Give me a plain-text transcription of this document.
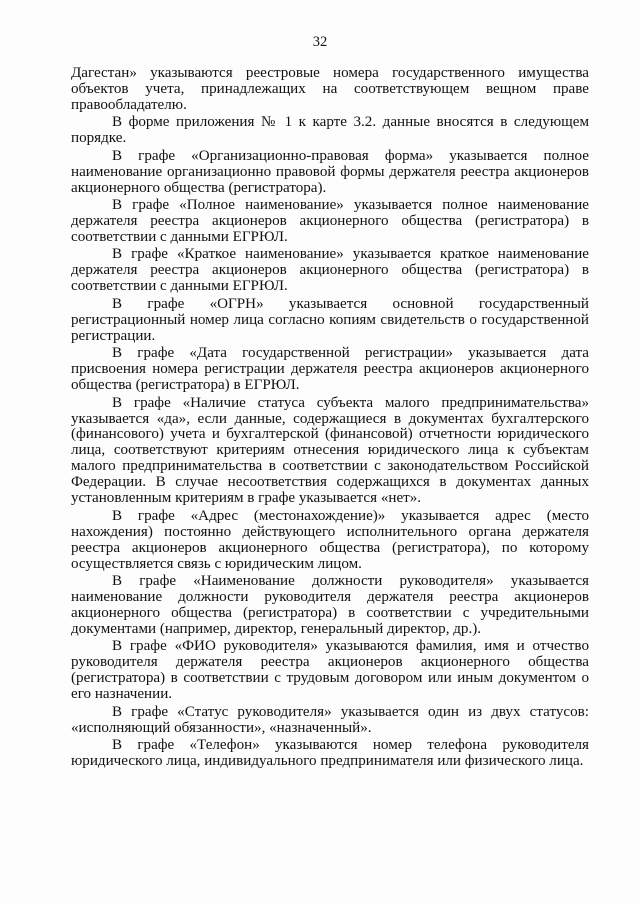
32

Дагестан» указываются реестровые номера государственного имущества объектов учета, принадлежащих на соответствующем вещном праве правообладателю.

В форме приложения № 1 к карте 3.2. данные вносятся в следующем порядке.

В графе «Организационно-правовая форма» указывается полное наименование организационно правовой формы держателя реестра акционеров акционерного общества (регистратора).

В графе «Полное наименование» указывается полное наименование держателя реестра акционеров акционерного общества (регистратора) в соответствии с данными ЕГРЮЛ.

В графе «Краткое наименование» указывается краткое наименование держателя реестра акционеров акционерного общества (регистратора) в соответствии с данными ЕГРЮЛ.

В графе «ОГРН» указывается основной государственный регистрационный номер лица согласно копиям свидетельств о государственной регистрации.

В графе «Дата государственной регистрации» указывается дата присвоения номера регистрации держателя реестра акционеров акционерного общества (регистратора) в ЕГРЮЛ.

В графе «Наличие статуса субъекта малого предпринимательства» указывается «да», если данные, содержащиеся в документах бухгалтерского (финансового) учета и бухгалтерской (финансовой) отчетности юридического лица, соответствуют критериям отнесения юридического лица к субъектам малого предпринимательства в соответствии с законодательством Российской Федерации. В случае несоответствия содержащихся в документах данных установленным критериям в графе указывается «нет».

В графе «Адрес (местонахождение)» указывается адрес (место нахождения) постоянно действующего исполнительного органа держателя реестра акционеров акционерного общества (регистратора), по которому осуществляется связь с юридическим лицом.

В графе «Наименование должности руководителя» указывается наименование должности руководителя держателя реестра акционеров акционерного общества (регистратора) в соответствии с учредительными документами (например, директор, генеральный директор, др.).

В графе «ФИО руководителя» указываются фамилия, имя и отчество руководителя держателя реестра акционеров акционерного общества (регистратора) в соответствии с трудовым договором или иным документом о его назначении.

В графе «Статус руководителя» указывается один из двух статусов: «исполняющий обязанности», «назначенный».

В графе «Телефон» указываются номер телефона руководителя юридического лица, индивидуального предпринимателя или физического лица.
